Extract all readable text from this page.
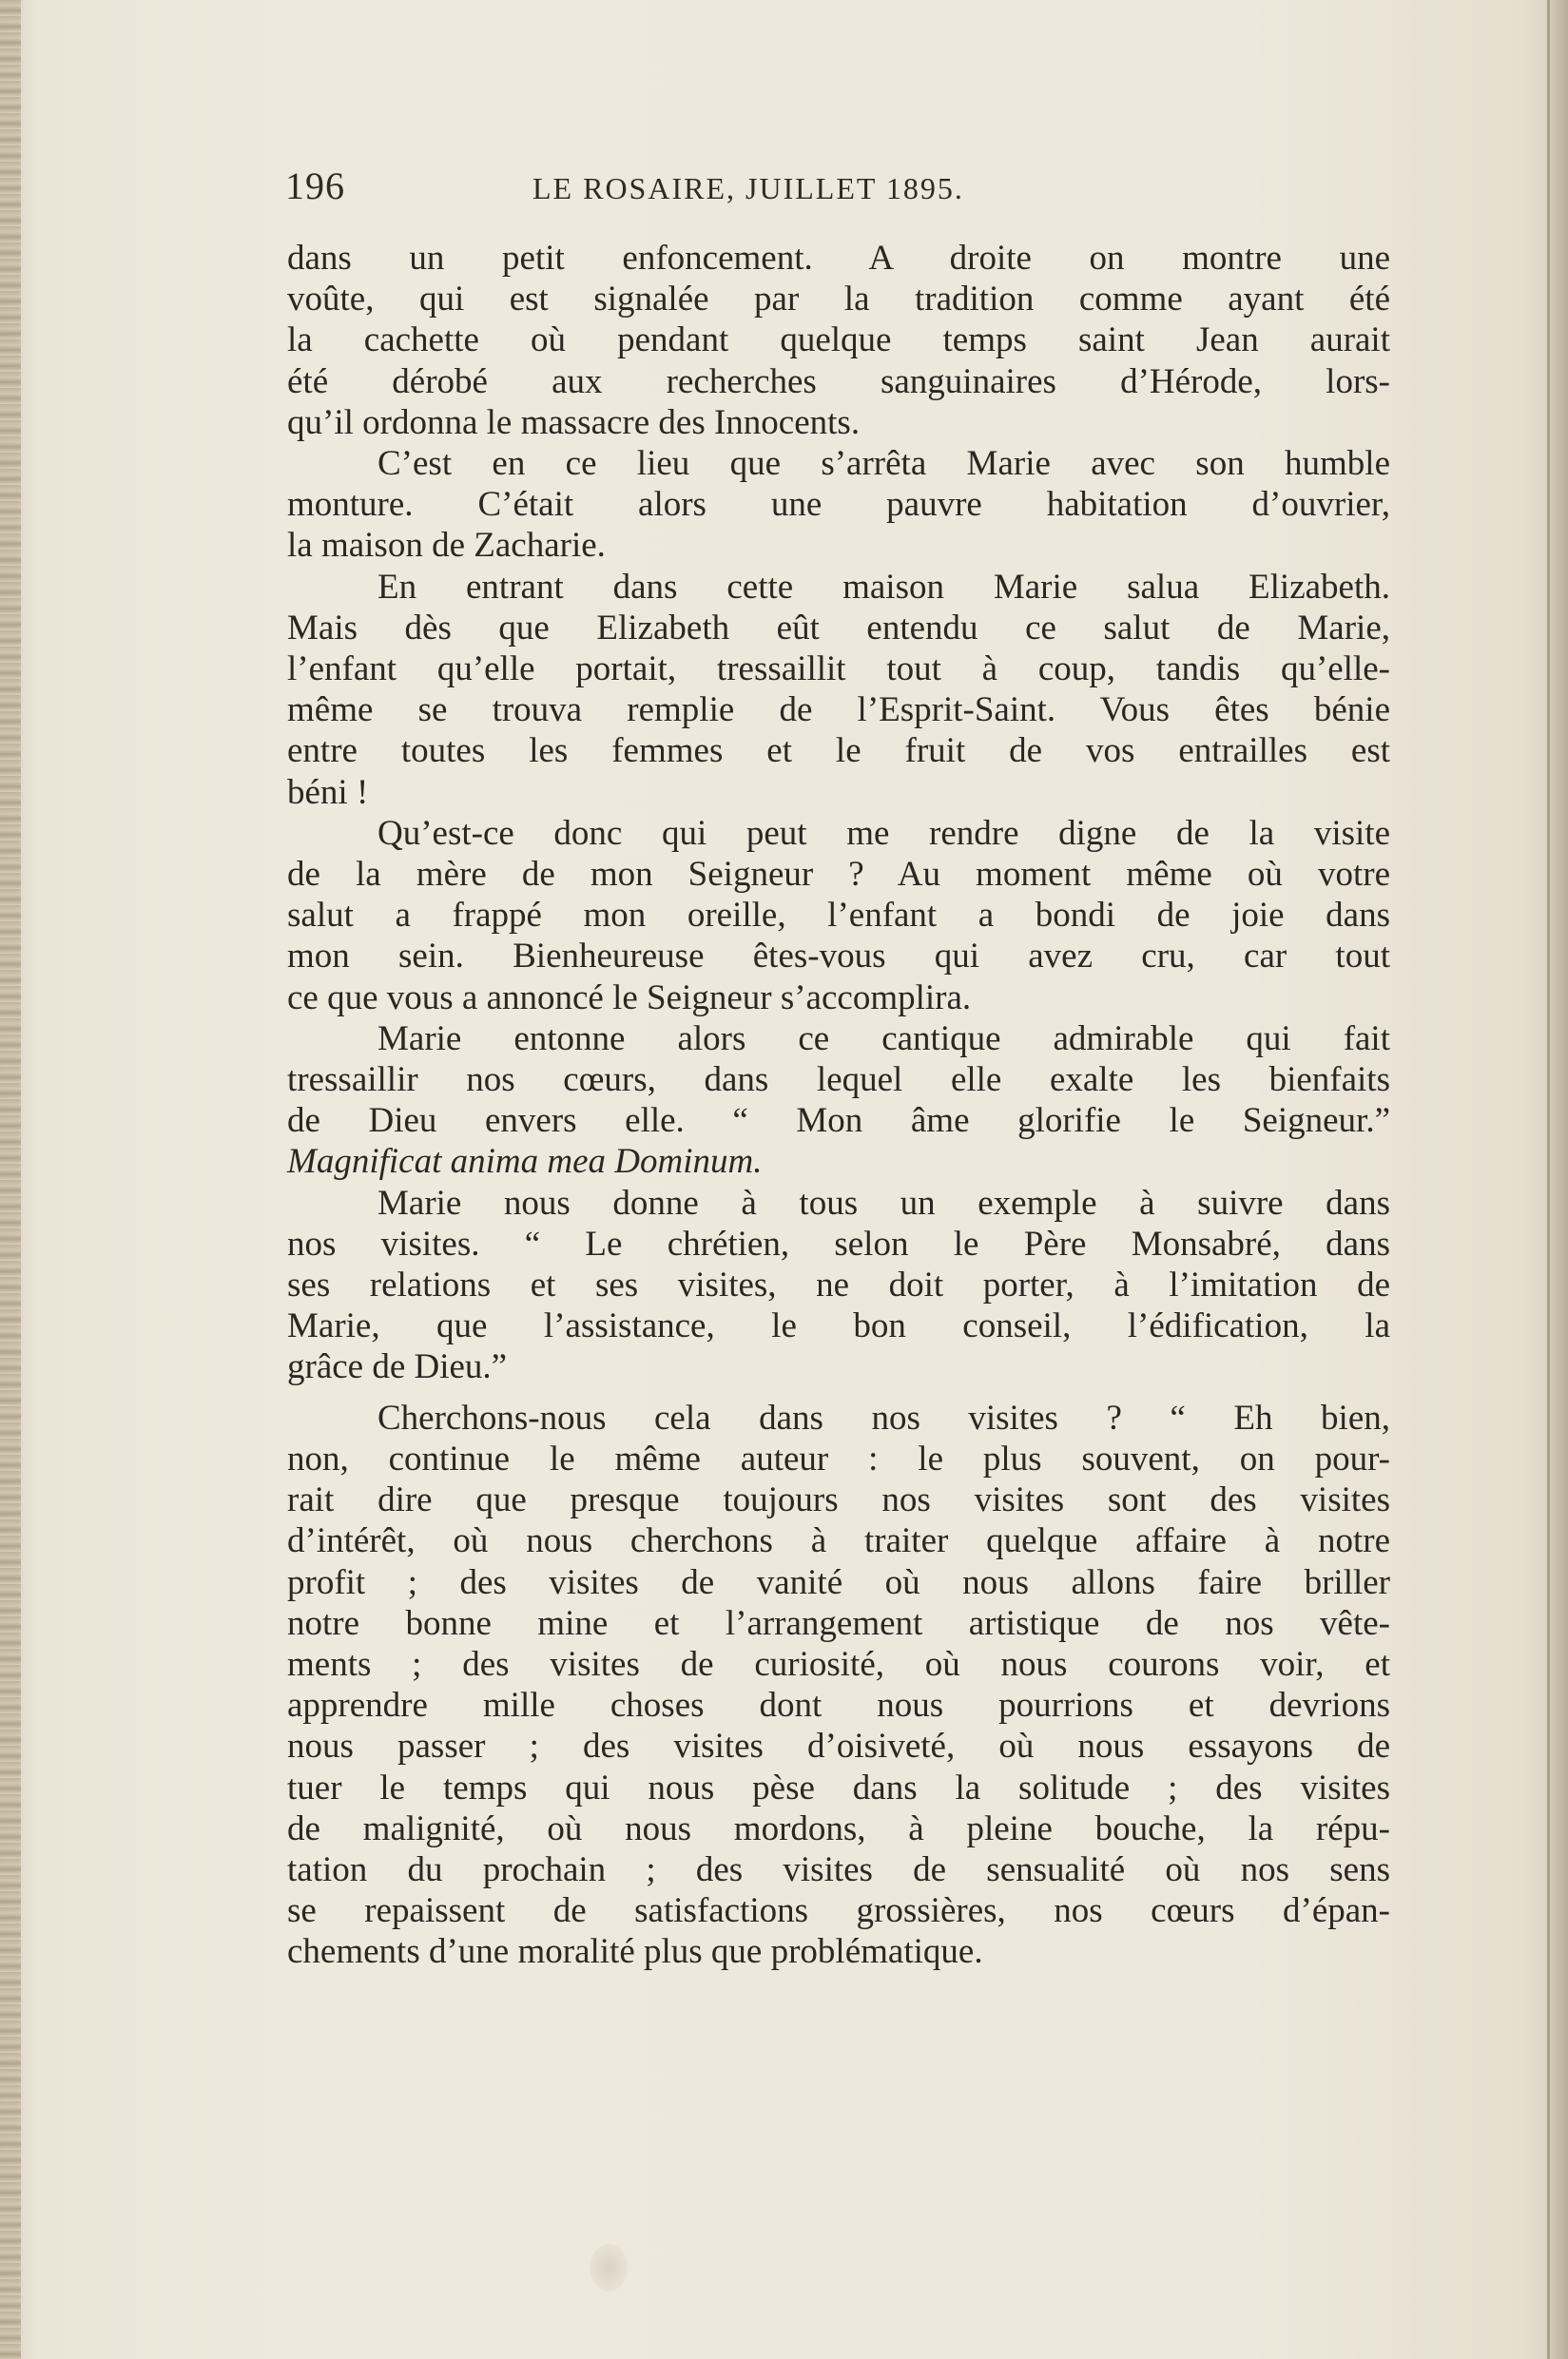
196	LE ROSAIRE, JUILLET 1895.
dans un petit enfoncement. A droite on montre une
voûte, qui est signalée par la tradition comme ayant été
la cachette où pendant quelque temps saint Jean aurait
été dérobé aux recherches sanguinaires d’Hérode, lors-
qu’il ordonna le massacre des Innocents.
C’est en ce lieu que s’arrêta Marie avec son humble
monture. C’était alors une pauvre habitation d’ouvrier,
la maison de Zacharie.
En entrant dans cette maison Marie salua Elizabeth.
Mais dès que Elizabeth eût entendu ce salut de Marie,
l’enfant qu’elle portait, tressaillit tout à coup, tandis qu’elle-
même se trouva remplie de l’Esprit-Saint. Vous êtes bénie
entre toutes les femmes et le fruit de vos entrailles est
béni !
Qu’est-ce donc qui peut me rendre digne de la visite
de la mère de mon Seigneur ? Au moment même où votre
salut a frappé mon oreille, l’enfant a bondi de joie dans
mon sein. Bienheureuse êtes-vous qui avez cru, car tout
ce que vous a annoncé le Seigneur s’accomplira.
Marie entonne alors ce cantique admirable qui fait
tressaillir nos cœurs, dans lequel elle exalte les bienfaits
de Dieu envers elle. “ Mon âme glorifie le Seigneur.”
Magnificat anima mea Dominum.
Marie nous donne à tous un exemple à suivre dans
nos visites. “ Le chrétien, selon le Père Monsabré, dans
ses relations et ses visites, ne doit porter, à l’imitation de
Marie, que l’assistance, le bon conseil, l’édification, la
grâce de Dieu.”
Cherchons-nous cela dans nos visites ? “ Eh bien,
non, continue le même auteur : le plus souvent, on pour-
rait dire que presque toujours nos visites sont des visites
d’intérêt, où nous cherchons à traiter quelque affaire à notre
profit ; des visites de vanité où nous allons faire briller
notre bonne mine et l’arrangement artistique de nos vête-
ments ; des visites de curiosité, où nous courons voir, et
apprendre mille choses dont nous pourrions et devrions
nous passer ; des visites d’oisiveté, où nous essayons de
tuer le temps qui nous pèse dans la solitude ; des visites
de malignité, où nous mordons, à pleine bouche, la répu-
tation du prochain ; des visites de sensualité où nos sens
se repaissent de satisfactions grossières, nos cœurs d’épan-
chements d’une moralité plus que problématique.
